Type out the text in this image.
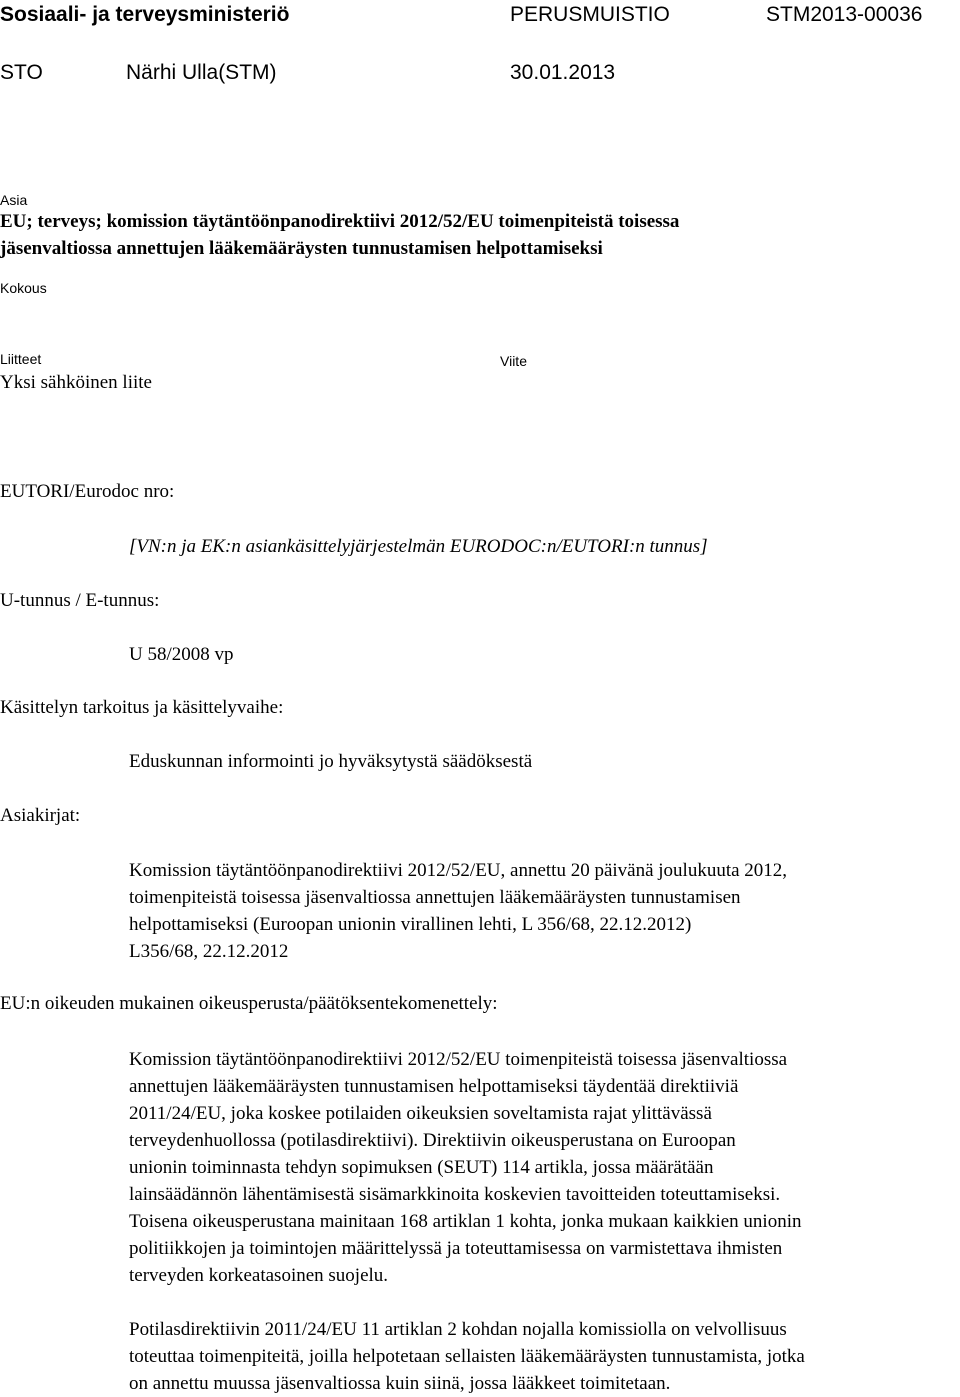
Sosiaali- ja terveysministeriö	PERUSMUISTIO	STM2013-00036
STO	Närhi Ulla(STM)	30.01.2013
Asia
EU; terveys; komission täytäntöönpanodirektiivi 2012/52/EU toimenpiteistä toisessa
jäsenvaltiossa annettujen lääkemääräysten tunnustamisen helpottamiseksi
Kokous
Liitteet
Yksi sähköinen liite
Viite
EUTORI/Eurodoc nro:
[VN:n ja EK:n asiankäsittelyjärjestelmän EURODOC:n/EUTORI:n tunnus]
U-tunnus / E-tunnus:
U 58/2008 vp
Käsittelyn tarkoitus ja käsittelyvaihe:
Eduskunnan informointi jo hyväksytystä säädöksestä
Asiakirjat:
Komission täytäntöönpanodirektiivi 2012/52/EU, annettu 20 päivänä joulukuuta 2012,
toimenpiteistä toisessa jäsenvaltiossa annettujen lääkemääräysten tunnustamisen
helpottamiseksi (Euroopan unionin virallinen lehti, L 356/68, 22.12.2012)
L356/68, 22.12.2012
EU:n oikeuden mukainen oikeusperusta/päätöksentekomenettely:
Komission täytäntöönpanodirektiivi 2012/52/EU toimenpiteistä toisessa jäsenvaltiossa
annettujen lääkemääräysten tunnustamisen helpottamiseksi täydentää direktiiviä
2011/24/EU, joka koskee potilaiden oikeuksien soveltamista rajat ylittävässä
terveydenhuollossa (potilasdirektiivi). Direktiivin oikeusperustana on Euroopan
unionin toiminnasta tehdyn sopimuksen (SEUT) 114 artikla, jossa määrätään
lainsäädännön lähentämisestä sisämarkkinoita koskevien tavoitteiden toteuttamiseksi.
Toisena oikeusperustana mainitaan 168 artiklan 1 kohta, jonka mukaan kaikkien unionin
politiikkojen ja toimintojen määrittelyssä ja toteuttamisessa on varmistettava ihmisten
terveyden korkeatasoinen suojelu.
Potilasdirektiivin 2011/24/EU 11 artiklan 2 kohdan nojalla komissiolla on velvollisuus
toteuttaa toimenpiteitä, joilla helpotetaan sellaisten lääkemääräysten tunnustamista, jotka
on annettu muussa jäsenvaltiossa kuin siinä, jossa lääkkeet toimitetaan.
